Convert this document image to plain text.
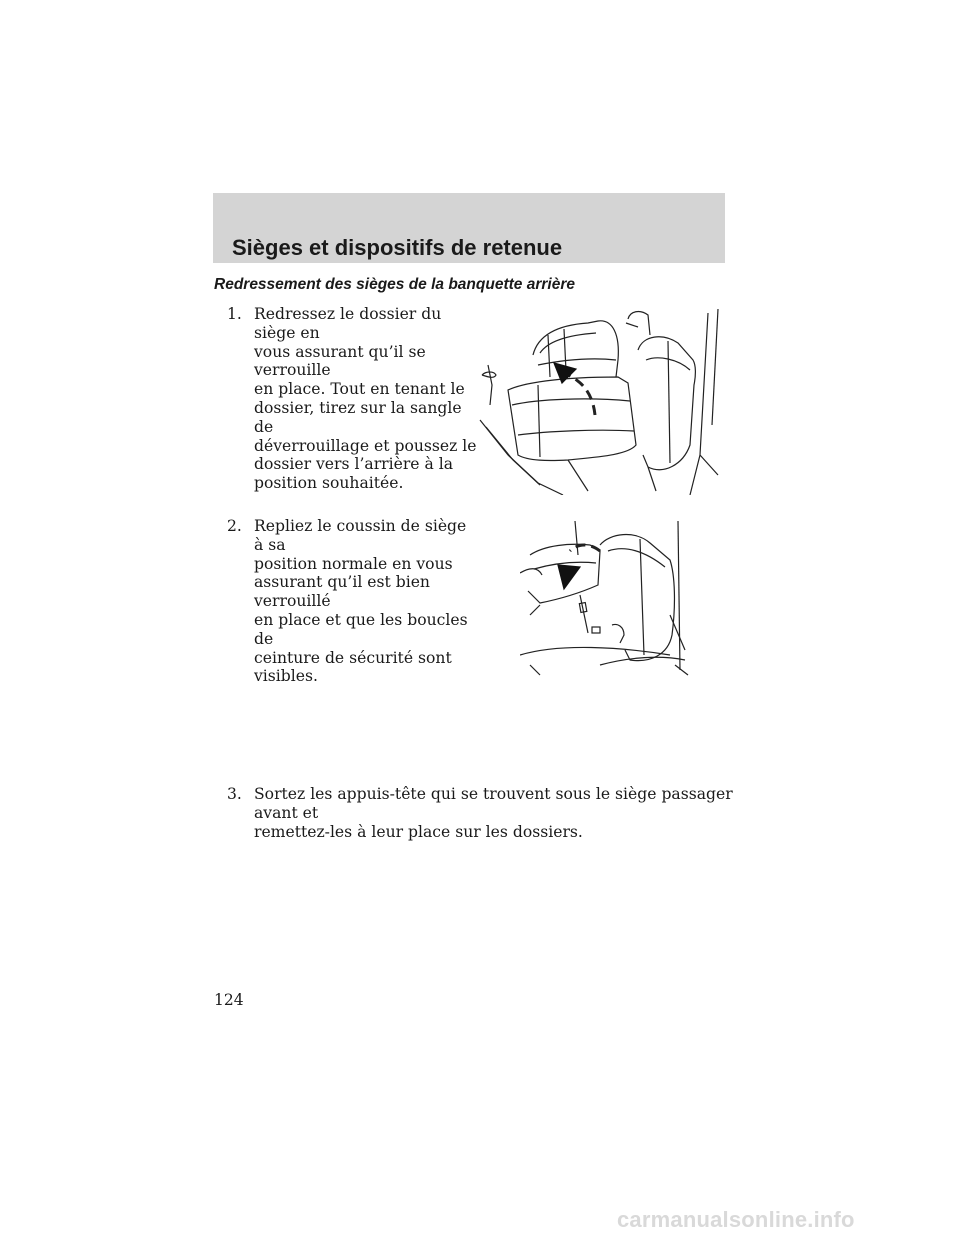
Sièges et dispositifs de retenue
Redressement des sièges de la banquette arrière
1. Redressez le dossier du siège en
vous assurant qu’il se verrouille
en place. Tout en tenant le
dossier, tirez sur la sangle de
déverrouillage et poussez le
dossier vers l’arrière à la
position souhaitée.
2. Repliez le coussin de siège à sa
position normale en vous
assurant qu’il est bien verrouillé
en place et que les boucles de
ceinture de sécurité sont
visibles.
3. Sortez les appuis-tête qui se trouvent sous le siège passager avant et
remettez-les à leur place sur les dossiers.
124
carmanualsonline.info
